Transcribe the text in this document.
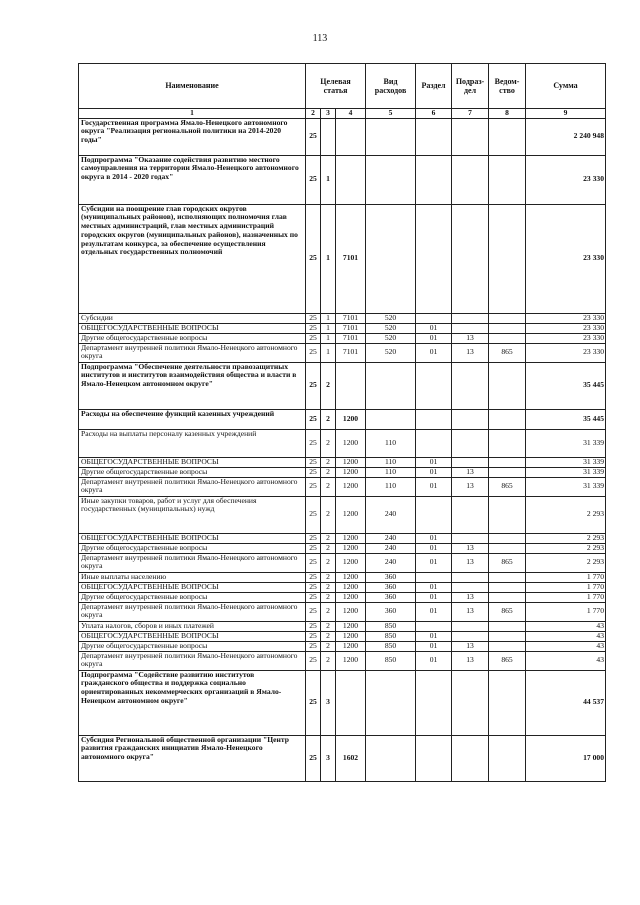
113
Наименование	Целевая статья			Вид расходов	Раздел	Подраз- дел	Ведом- ство	Сумма
1	2	3	4	5	6	7	8	9
Государственная программа Ямало-Ненецкого автономного округа "Реализация региональной политики на 2014-2020 годы"	25							2 240 948
Подпрограмма "Оказание содействия развитию местного самоуправления на территории Ямало-Ненецкого автономного округа в 2014 - 2020 годах"	25	1						23 330
Субсидии на поощрение глав городских округов (муниципальных районов), исполняющих полномочия глав местных администраций, глав местных администраций городских округов (муниципальных районов), назначенных по результатам конкурса, за обеспечение осуществления отдельных государственных полномочий	25	1	7101					23 330
Субсидии	25	1	7101	520				23 330
ОБЩЕГОСУДАРСТВЕННЫЕ ВОПРОСЫ	25	1	7101	520	01			23 330
Другие общегосударственные вопросы	25	1	7101	520	01	13		23 330
Департамент внутренней политики Ямало-Ненецкого автономного округа	25	1	7101	520	01	13	865	23 330
Подпрограмма "Обеспечение деятельности правозащитных институтов и институтов взаимодействия общества и власти в Ямало-Ненецком автономном округе"	25	2						35 445
Расходы на обеспечение функций казенных учреждений	25	2	1200					35 445
Расходы на выплаты персоналу казенных учреждений	25	2	1200	110				31 339
ОБЩЕГОСУДАРСТВЕННЫЕ ВОПРОСЫ	25	2	1200	110	01			31 339
Другие общегосударственные вопросы	25	2	1200	110	01	13		31 339
Департамент внутренней политики Ямало-Ненецкого автономного округа	25	2	1200	110	01	13	865	31 339
Иные закупки товаров, работ и услуг для обеспечения государственных (муниципальных) нужд	25	2	1200	240				2 293
ОБЩЕГОСУДАРСТВЕННЫЕ ВОПРОСЫ	25	2	1200	240	01			2 293
Другие общегосударственные вопросы	25	2	1200	240	01	13		2 293
Департамент внутренней политики Ямало-Ненецкого автономного округа	25	2	1200	240	01	13	865	2 293
Иные выплаты населению	25	2	1200	360				1 770
ОБЩЕГОСУДАРСТВЕННЫЕ ВОПРОСЫ	25	2	1200	360	01			1 770
Другие общегосударственные вопросы	25	2	1200	360	01	13		1 770
Департамент внутренней политики Ямало-Ненецкого автономного округа	25	2	1200	360	01	13	865	1 770
Уплата налогов, сборов и иных платежей	25	2	1200	850				43
ОБЩЕГОСУДАРСТВЕННЫЕ ВОПРОСЫ	25	2	1200	850	01			43
Другие общегосударственные вопросы	25	2	1200	850	01	13		43
Департамент внутренней политики Ямало-Ненецкого автономного округа	25	2	1200	850	01	13	865	43
Подпрограмма "Содействие развитию институтов гражданского общества и поддержка социально ориентированных некоммерческих организаций в Ямало-Ненецком автономном округе"	25	3						44 537
Субсидия Региональной общественной организации "Центр развития гражданских инициатив Ямало-Ненецкого автономного округа"	25	3	1602					17 000
